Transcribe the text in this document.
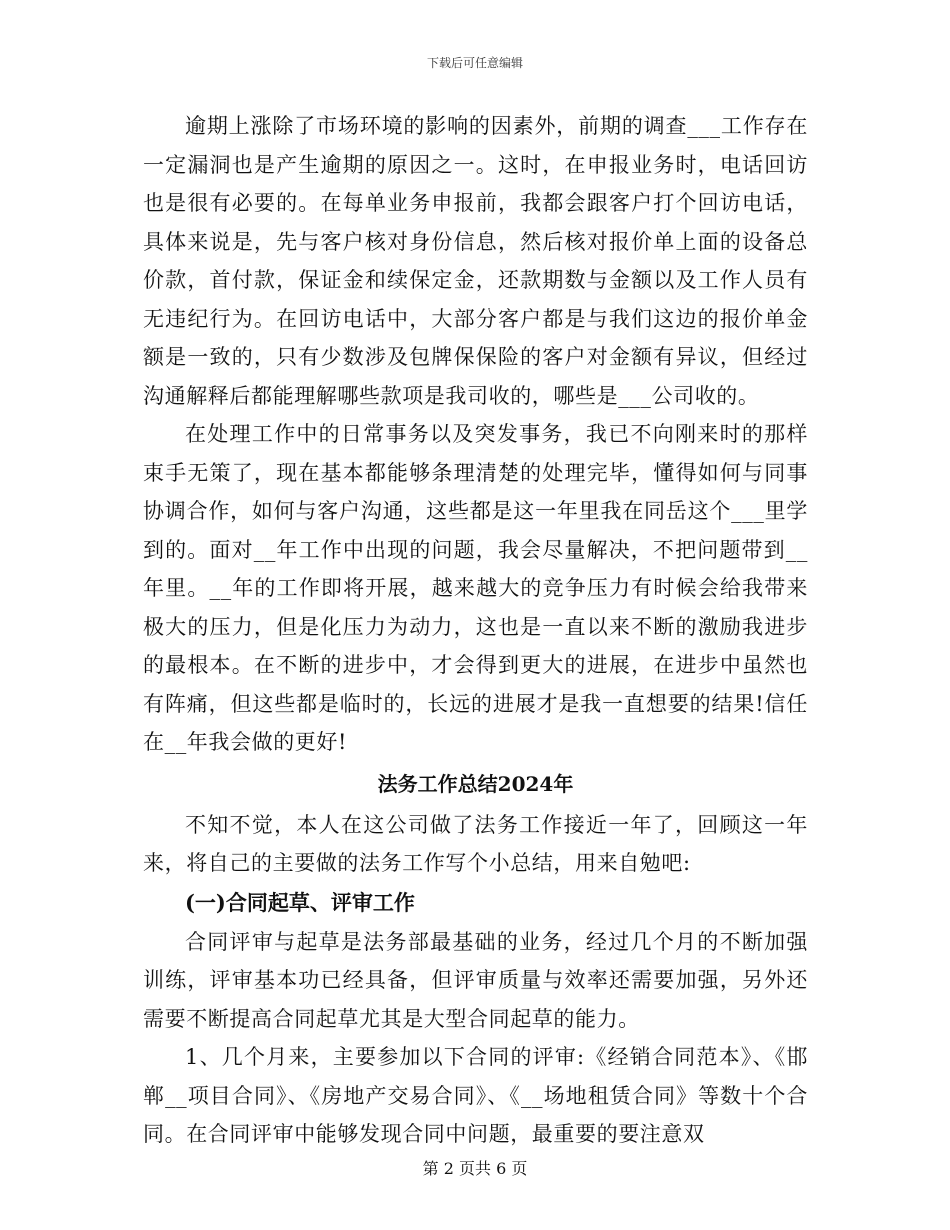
下载后可任意编辑

逾期上涨除了市场环境的影响的因素外，前期的调查___工作存在一定漏洞也是产生逾期的原因之一。这时，在申报业务时，电话回访也是很有必要的。在每单业务申报前，我都会跟客户打个回访电话，具体来说是，先与客户核对身份信息，然后核对报价单上面的设备总价款，首付款，保证金和续保定金，还款期数与金额以及工作人员有无违纪行为。在回访电话中，大部分客户都是与我们这边的报价单金额是一致的，只有少数涉及包牌保保险的客户对金额有异议，但经过沟通解释后都能理解哪些款项是我司收的，哪些是___公司收的。

在处理工作中的日常事务以及突发事务，我已不向刚来时的那样束手无策了，现在基本都能够条理清楚的处理完毕，懂得如何与同事协调合作，如何与客户沟通，这些都是这一年里我在同岳这个___里学到的。面对__年工作中出现的问题，我会尽量解决，不把问题带到__年里。__年的工作即将开展，越来越大的竞争压力有时候会给我带来极大的压力，但是化压力为动力，这也是一直以来不断的激励我进步的最根本。在不断的进步中，才会得到更大的进展，在进步中虽然也有阵痛，但这些都是临时的，长远的进展才是我一直想要的结果!信任在__年我会做的更好!

法务工作总结2024年

不知不觉，本人在这公司做了法务工作接近一年了，回顾这一年来，将自己的主要做的法务工作写个小总结，用来自勉吧:

(一)合同起草、评审工作

合同评审与起草是法务部最基础的业务，经过几个月的不断加强训练，评审基本功已经具备，但评审质量与效率还需要加强，另外还需要不断提高合同起草尤其是大型合同起草的能力。

1、几个月来，主要参加以下合同的评审:《经销合同范本》、《邯郸__项目合同》、《房地产交易合同》、《__场地租赁合同》等数十个合同。在合同评审中能够发现合同中问题，最重要的要注意双

第 2 页共 6 页
